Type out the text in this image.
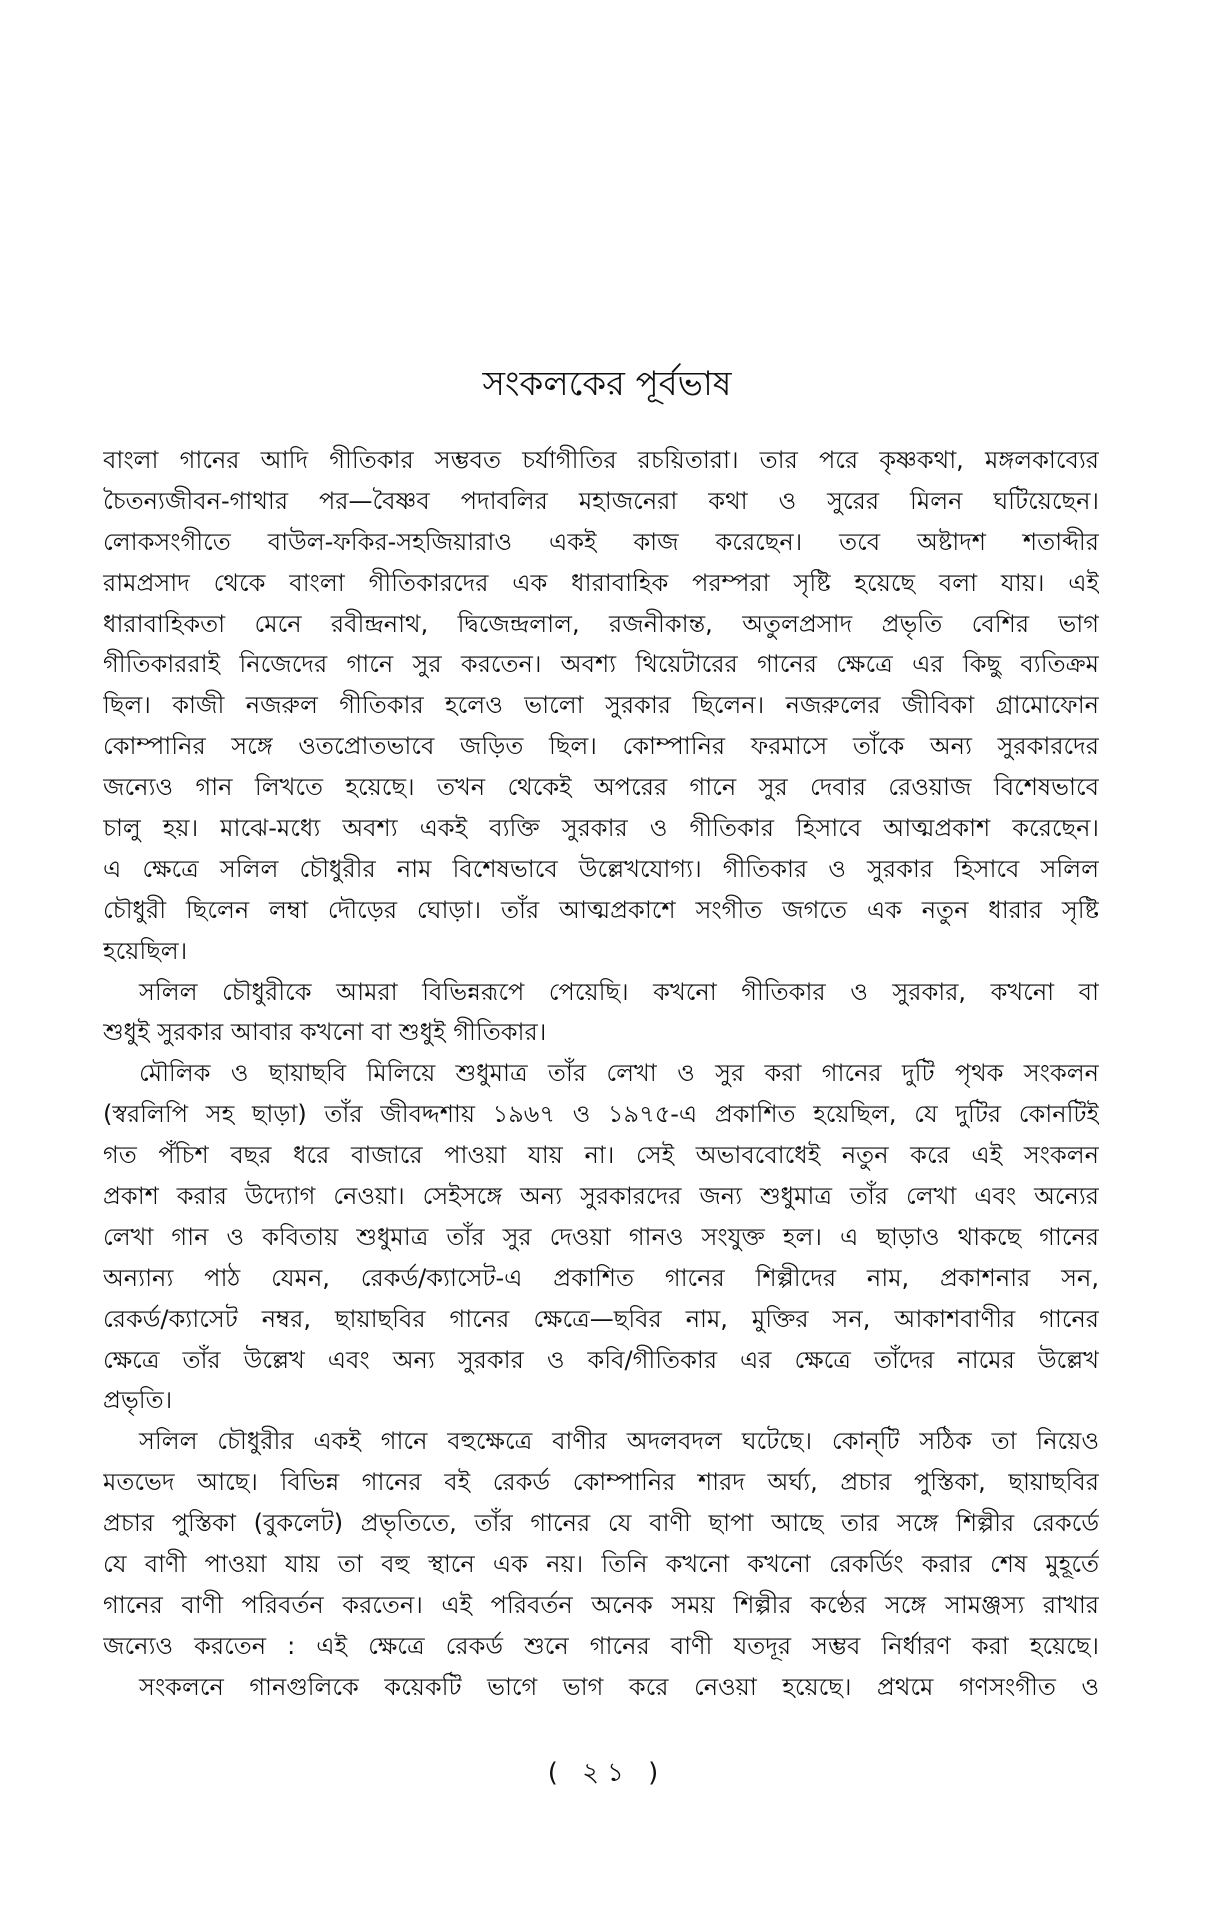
সংকলকের পূর্বভাষ
বাংলা গানের আদি গীতিকার সম্ভবত চর্যাগীতির রচয়িতারা। তার পরে কৃষ্ণকথা, মঙ্গলকাব্যের
চৈতন্যজীবন-গাথার পর—বৈষ্ণব পদাবলির মহাজনেরা কথা ও সুরের মিলন ঘটিয়েছেন।
লোকসংগীতে বাউল-ফকির-সহজিয়ারাও একই কাজ করেছেন। তবে অষ্টাদশ শতাব্দীর
রামপ্রসাদ থেকে বাংলা গীতিকারদের এক ধারাবাহিক পরম্পরা সৃষ্টি হয়েছে বলা যায়। এই
ধারাবাহিকতা মেনে রবীন্দ্রনাথ, দ্বিজেন্দ্রলাল, রজনীকান্ত, অতুলপ্রসাদ প্রভৃতি বেশির ভাগ
গীতিকাররাই নিজেদের গানে সুর করতেন। অবশ্য থিয়েটারের গানের ক্ষেত্রে এর কিছু ব্যতিক্রম
ছিল। কাজী নজরুল গীতিকার হলেও ভালো সুরকার ছিলেন। নজরুলের জীবিকা গ্রামোফোন
কোম্পানির সঙ্গে ওতপ্রোতভাবে জড়িত ছিল। কোম্পানির ফরমাসে তাঁকে অন্য সুরকারদের
জন্যেও গান লিখতে হয়েছে। তখন থেকেই অপরের গানে সুর দেবার রেওয়াজ বিশেষভাবে
চালু হয়। মাঝে-মধ্যে অবশ্য একই ব্যক্তি সুরকার ও গীতিকার হিসাবে আত্মপ্রকাশ করেছেন।
এ ক্ষেত্রে সলিল চৌধুরীর নাম বিশেষভাবে উল্লেখযোগ্য। গীতিকার ও সুরকার হিসাবে সলিল
চৌধুরী ছিলেন লম্বা দৌড়ের ঘোড়া। তাঁর আত্মপ্রকাশে সংগীত জগতে এক নতুন ধারার সৃষ্টি
হয়েছিল।
সলিল চৌধুরীকে আমরা বিভিন্নরূপে পেয়েছি। কখনো গীতিকার ও সুরকার, কখনো বা
শুধুই সুরকার আবার কখনো বা শুধুই গীতিকার।
মৌলিক ও ছায়াছবি মিলিয়ে শুধুমাত্র তাঁর লেখা ও সুর করা গানের দুটি পৃথক সংকলন
(স্বরলিপি সহ ছাড়া) তাঁর জীবদ্দশায় ১৯৬৭ ও ১৯৭৫-এ প্রকাশিত হয়েছিল, যে দুটির কোনটিই
গত পঁচিশ বছর ধরে বাজারে পাওয়া যায় না। সেই অভাববোধেই নতুন করে এই সংকলন
প্রকাশ করার উদ্যোগ নেওয়া। সেইসঙ্গে অন্য সুরকারদের জন্য শুধুমাত্র তাঁর লেখা এবং অন্যের
লেখা গান ও কবিতায় শুধুমাত্র তাঁর সুর দেওয়া গানও সংযুক্ত হল। এ ছাড়াও থাকছে গানের
অন্যান্য পাঠ যেমন, রেকর্ড/ক্যাসেট-এ প্রকাশিত গানের শিল্পীদের নাম, প্রকাশনার সন,
রেকর্ড/ক্যাসেট নম্বর, ছায়াছবির গানের ক্ষেত্রে—ছবির নাম, মুক্তির সন, আকাশবাণীর গানের
ক্ষেত্রে তাঁর উল্লেখ এবং অন্য সুরকার ও কবি/গীতিকার এর ক্ষেত্রে তাঁদের নামের উল্লেখ
প্রভৃতি।
সলিল চৌধুরীর একই গানে বহুক্ষেত্রে বাণীর অদলবদল ঘটেছে। কোন্‌টি সঠিক তা নিয়েও
মতভেদ আছে। বিভিন্ন গানের বই রেকর্ড কোম্পানির শারদ অর্ঘ্য, প্রচার পুস্তিকা, ছায়াছবির
প্রচার পুস্তিকা (বুকলেট) প্রভৃতিতে, তাঁর গানের যে বাণী ছাপা আছে তার সঙ্গে শিল্পীর রেকর্ডে
যে বাণী পাওয়া যায় তা বহু স্থানে এক নয়। তিনি কখনো কখনো রেকর্ডিং করার শেষ মুহূর্তে
গানের বাণী পরিবর্তন করতেন। এই পরিবর্তন অনেক সময় শিল্পীর কণ্ঠের সঙ্গে সামঞ্জস্য রাখার
জন্যেও করতেন : এই ক্ষেত্রে রেকর্ড শুনে গানের বাণী যতদূর সম্ভব নির্ধারণ করা হয়েছে।
সংকলনে গানগুলিকে কয়েকটি ভাগে ভাগ করে নেওয়া হয়েছে। প্রথমে গণসংগীত ও
( ২১ )
